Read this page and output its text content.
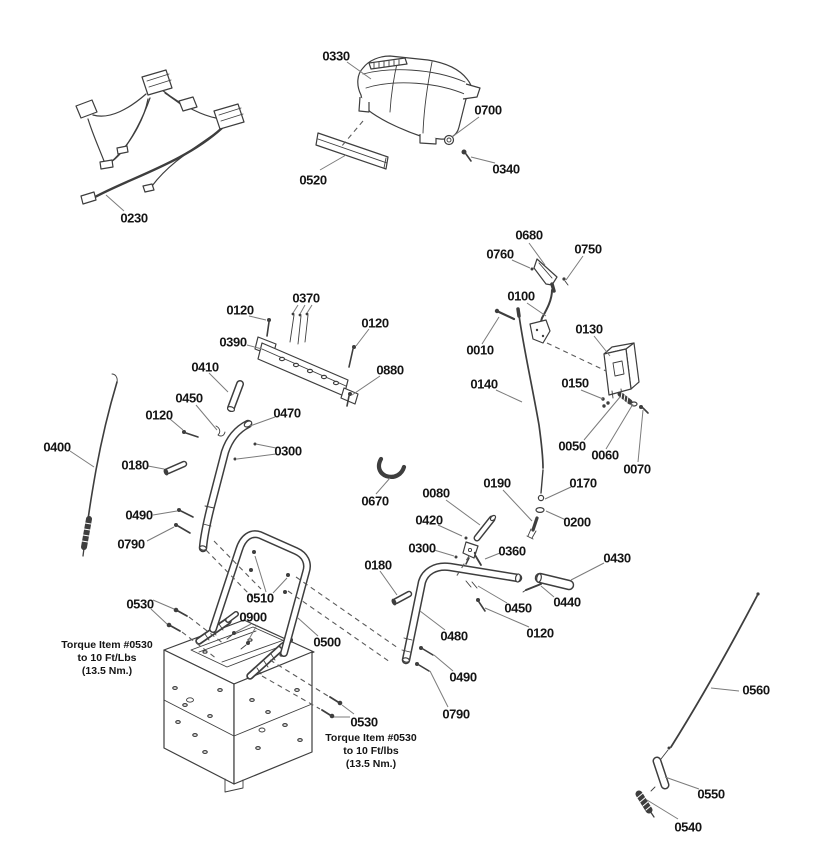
0330
0700
0520
0340
0230
0680
0750
0760
0100
0010
0130
0140	0150
0050
0060
0070
0370
0120
0120
0390
0880
0410
0450
0470
0120
0400	0300
0180
0490
0790
0670
0080
0420
0190	0170
0200
0300	0360	0430
0180
0440
0510
0450
0530
0900
0500
0120
0480
0490
0790
0530
0560
0550
0540
Torque Item #0530
to 10 Ft/Lbs
(13.5 Nm.)
Torque Item #0530
to 10 Ft/lbs
(13.5 Nm.)
